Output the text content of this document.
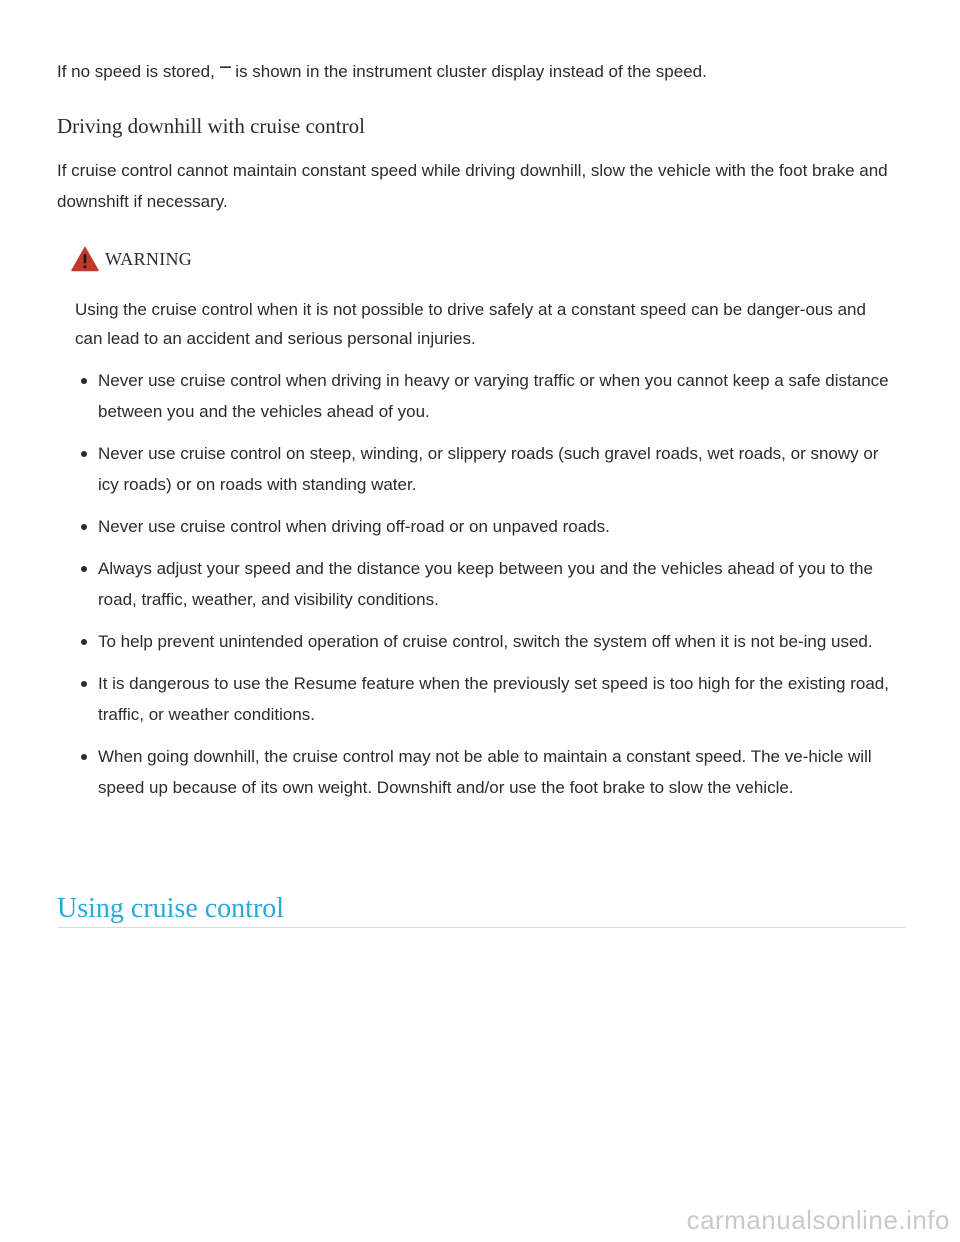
If no speed is stored, --- is shown in the instrument cluster display instead of the speed.
Driving downhill with cruise control

If cruise control cannot maintain constant speed while driving downhill, slow the vehicle with the foot brake and downshift if necessary.

WARNING

Using the cruise control when it is not possible to drive safely at a constant speed can be danger-ous and can lead to an accident and serious personal injuries.

Never use cruise control when driving in heavy or varying traffic or when you cannot keep a safe distance between you and the vehicles ahead of you.
Never use cruise control on steep, winding, or slippery roads (such gravel roads, wet roads, or snowy or icy roads) or on roads with standing water.
Never use cruise control when driving off-road or on unpaved roads.
Always adjust your speed and the distance you keep between you and the vehicles ahead of you to the road, traffic, weather, and visibility conditions.
To help prevent unintended operation of cruise control, switch the system off when it is not be-ing used.
It is dangerous to use the Resume feature when the previously set speed is too high for the existing road, traffic, or weather conditions.
When going downhill, the cruise control may not be able to maintain a constant speed. The ve-hicle will speed up because of its own weight. Downshift and/or use the foot brake to slow the vehicle.
Using cruise control
carmanualsonline.info
